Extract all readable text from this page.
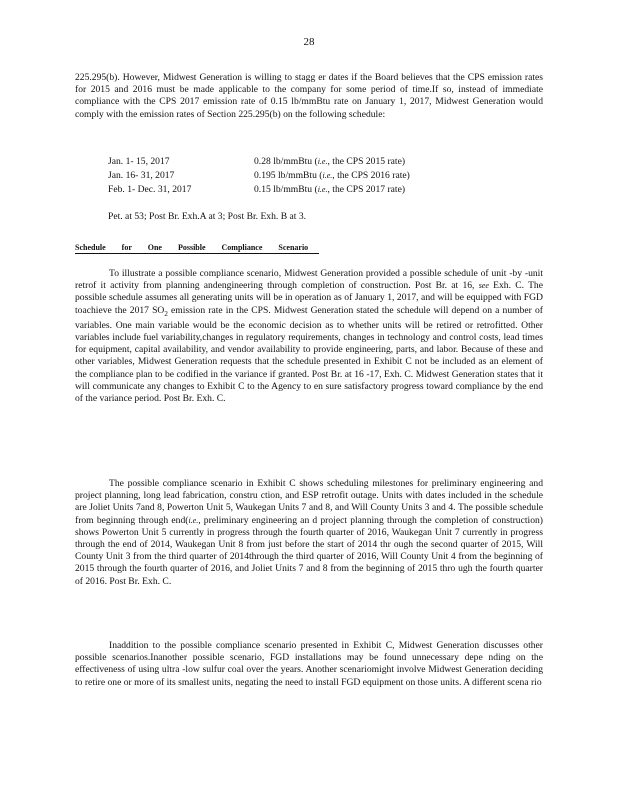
28
225.295(b). However, Midwest Generation is willing to stagg er dates if the Board believes that the CPS emission rates for 2015 and 2016 must be made applicable to the company for some period of time.If so, instead of immediate compliance with the CPS 2017 emission rate of 0.15 lb/mmBtu rate on January 1, 2017, Midwest Generation would comply with the emission rates of Section 225.295(b) on the following schedule:
Jan. 1- 15, 2017	0.28 lb/mmBtu (i.e., the CPS 2015 rate)
Jan. 16- 31, 2017	0.195 lb/mmBtu (i.e., the CPS 2016 rate)
Feb. 1- Dec. 31, 2017	0.15 lb/mmBtu (i.e., the CPS 2017 rate)
Pet. at 53; Post Br. Exh.A at 3; Post Br. Exh. B at 3.
Schedule for One Possible Compliance Scenario
To illustrate a possible compliance scenario, Midwest Generation provided a possible schedule of unit -by -unit retrof it activity from planning andengineering through completion of construction. Post Br. at 16, see Exh. C. The possible schedule assumes all generating units will be in operation as of January 1, 2017, and will be equipped with FGD toachieve the 2017 $SO_2$ emission rate in the CPS. Midwest Generation stated the schedule will depend on a number of variables. One main variable would be the economic decision as to whether units will be retired or retrofitted. Other variables include fuel variability,changes in regulatory requirements, changes in technology and control costs, lead times for equipment, capital availability, and vendor availability to provide engineering, parts, and labor. Because of these and other variables, Midwest Generation requests that the schedule presented in Exhibit C not be included as an element of the compliance plan to be codified in the variance if granted. Post Br. at 16 -17, Exh. C. Midwest Generation states that it will communicate any changes to Exhibit C to the Agency to en sure satisfactory progress toward compliance by the end of the variance period. Post Br. Exh. C.
The possible compliance scenario in Exhibit C shows scheduling milestones for preliminary engineering and project planning, long lead fabrication, constru ction, and ESP retrofit outage. Units with dates included in the schedule are Joliet Units 7and 8, Powerton Unit 5, Waukegan Units 7 and 8, and Will County Units 3 and 4. The possible schedule from beginning through end(i.e., preliminary engineering an d project planning through the completion of construction) shows Powerton Unit 5 currently in progress through the fourth quarter of 2016, Waukegan Unit 7 currently in progress through the end of 2014, Waukegan Unit 8 from just before the start of 2014 thr ough the second quarter of 2015, Will County Unit 3 from the third quarter of 2014through the third quarter of 2016, Will County Unit 4 from the beginning of 2015 through the fourth quarter of 2016, and Joliet Units 7 and 8 from the beginning of 2015 thro ugh the fourth quarter of 2016. Post Br. Exh. C.
Inaddition to the possible compliance scenario presented in Exhibit C, Midwest Generation discusses other possible scenarios.Inanother possible scenario, FGD installations may be found unnecessary depe nding on the effectiveness of using ultra -low sulfur coal over the years. Another scenariomight involve Midwest Generation deciding to retire one or more of its smallest units, negating the need to install FGD equipment on those units. A different scena rio
